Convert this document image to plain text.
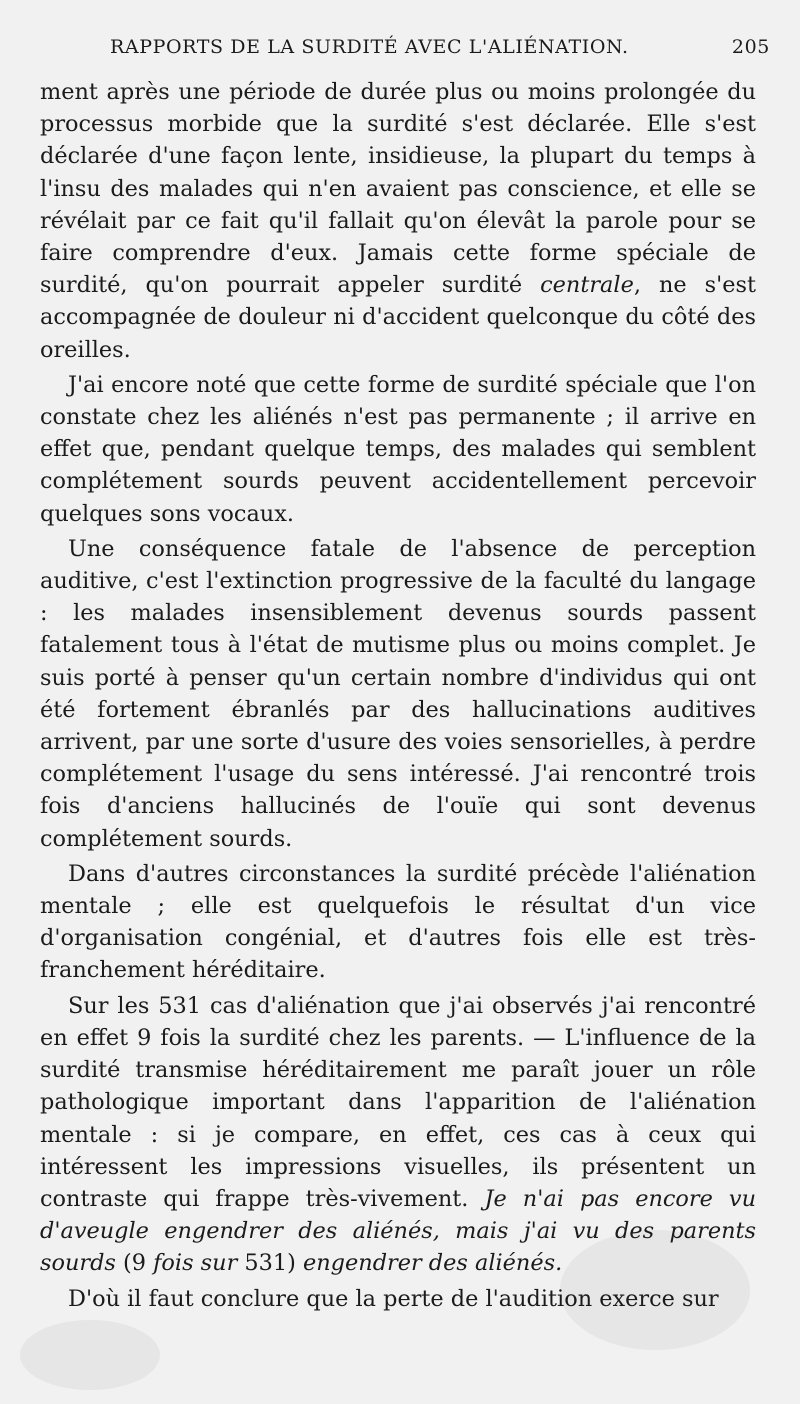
RAPPORTS DE LA SURDITÉ AVEC L'ALIÉNATION.	205

ment après une période de durée plus ou moins prolongée du processus morbide que la surdité s'est déclarée. Elle s'est déclarée d'une façon lente, insidieuse, la plupart du temps à l'insu des malades qui n'en avaient pas conscience, et elle se révélait par ce fait qu'il fallait qu'on élevât la parole pour se faire comprendre d'eux. Jamais cette forme spéciale de surdité, qu'on pourrait appeler surdité centrale, ne s'est accompagnée de douleur ni d'accident quelconque du côté des oreilles.

J'ai encore noté que cette forme de surdité spéciale que l'on constate chez les aliénés n'est pas permanente ; il arrive en effet que, pendant quelque temps, des malades qui semblent complétement sourds peuvent accidentellement percevoir quelques sons vocaux.

Une conséquence fatale de l'absence de perception auditive, c'est l'extinction progressive de la faculté du langage : les malades insensiblement devenus sourds passent fatalement tous à l'état de mutisme plus ou moins complet. Je suis porté à penser qu'un certain nombre d'individus qui ont été fortement ébranlés par des hallucinations auditives arrivent, par une sorte d'usure des voies sensorielles, à perdre complétement l'usage du sens intéressé. J'ai rencontré trois fois d'anciens hallucinés de l'ouïe qui sont devenus complétement sourds.

Dans d'autres circonstances la surdité précède l'aliénation mentale ; elle est quelquefois le résultat d'un vice d'organisation congénial, et d'autres fois elle est très-franchement héréditaire.

Sur les 531 cas d'aliénation que j'ai observés j'ai rencontré en effet 9 fois la surdité chez les parents. — L'influence de la surdité transmise héréditairement me paraît jouer un rôle pathologique important dans l'apparition de l'aliénation mentale : si je compare, en effet, ces cas à ceux qui intéressent les impressions visuelles, ils présentent un contraste qui frappe très-vivement. Je n'ai pas encore vu d'aveugle engendrer des aliénés, mais j'ai vu des parents sourds (9 fois sur 531) engendrer des aliénés.

D'où il faut conclure que la perte de l'audition exerce sur
